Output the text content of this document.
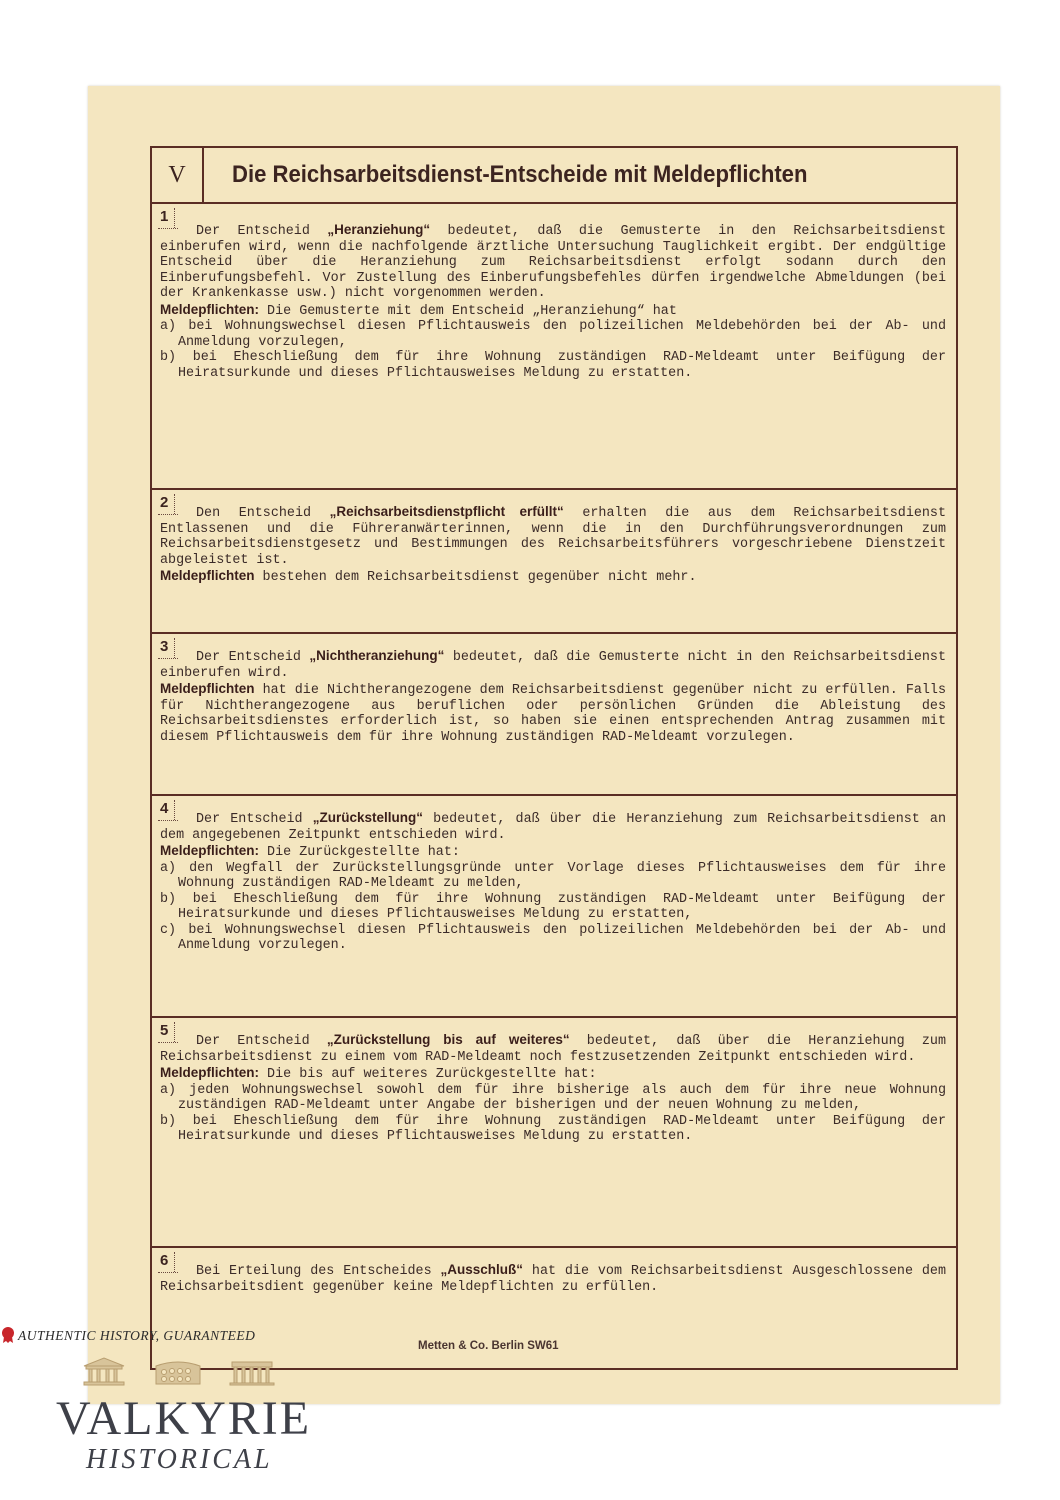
V	Die Reichsarbeitsdienst-Entscheide mit Meldepflichten
1

Der Entscheid „Heranziehung“ bedeutet, daß die Gemusterte in den Reichsarbeitsdienst einberufen wird, wenn die nachfolgende ärztliche Untersuchung Tauglichkeit ergibt. Der endgültige Entscheid über die Heranziehung zum Reichsarbeitsdienst erfolgt sodann durch den Einberufungsbefehl. Vor Zustellung des Einberufungsbefehles dürfen irgendwelche Abmeldungen (bei der Krankenkasse usw.) nicht vorgenommen werden.

Meldepflichten: Die Gemusterte mit dem Entscheid „Heranziehung“ hat

a) bei Wohnungswechsel diesen Pflichtausweis den polizeilichen Meldebehörden bei der Ab- und Anmeldung vorzulegen,

b) bei Eheschließung dem für ihre Wohnung zuständigen RAD-Meldeamt unter Beifügung der Heiratsurkunde und dieses Pflichtausweises Meldung zu erstatten.

2

Den Entscheid „Reichsarbeitsdienstpflicht erfüllt“ erhalten die aus dem Reichsarbeitsdienst Entlassenen und die Führeranwärterinnen, wenn die in den Durchführungsverordnungen zum Reichsarbeitsdienstgesetz und Bestimmungen des Reichsarbeitsführers vorgeschriebene Dienstzeit abgeleistet ist.

Meldepflichten bestehen dem Reichsarbeitsdienst gegenüber nicht mehr.

3

Der Entscheid „Nichtheranziehung“ bedeutet, daß die Gemusterte nicht in den Reichsarbeitsdienst einberufen wird.

Meldepflichten hat die Nichtherangezogene dem Reichsarbeitsdienst gegenüber nicht zu erfüllen. Falls für Nichtherangezogene aus beruflichen oder persönlichen Gründen die Ableistung des Reichsarbeitsdienstes erforderlich ist, so haben sie einen entsprechenden Antrag zusammen mit diesem Pflichtausweis dem für ihre Wohnung zuständigen RAD-Meldeamt vorzulegen.

4

Der Entscheid „Zurückstellung“ bedeutet, daß über die Heranziehung zum Reichsarbeitsdienst an dem angegebenen Zeitpunkt entschieden wird.

Meldepflichten: Die Zurückgestellte hat:

a) den Wegfall der Zurückstellungsgründe unter Vorlage dieses Pflichtausweises dem für ihre Wohnung zuständigen RAD-Meldeamt zu melden,

b) bei Eheschließung dem für ihre Wohnung zuständigen RAD-Meldeamt unter Beifügung der Heiratsurkunde und dieses Pflichtausweises Meldung zu erstatten,

c) bei Wohnungswechsel diesen Pflichtausweis den polizeilichen Meldebehörden bei der Ab- und Anmeldung vorzulegen.

5

Der Entscheid „Zurückstellung bis auf weiteres“ bedeutet, daß über die Heranziehung zum Reichsarbeitsdienst zu einem vom RAD-Meldeamt noch festzusetzenden Zeitpunkt entschieden wird.

Meldepflichten: Die bis auf weiteres Zurückgestellte hat:

a) jeden Wohnungswechsel sowohl dem für ihre bisherige als auch dem für ihre neue Wohnung zuständigen RAD-Meldeamt unter Angabe der bisherigen und der neuen Wohnung zu melden,

b) bei Eheschließung dem für ihre Wohnung zuständigen RAD-Meldeamt unter Beifügung der Heiratsurkunde und dieses Pflichtausweises Meldung zu erstatten.

6

Bei Erteilung des Entscheides „Ausschluß“ hat die vom Reichsarbeitsdienst Ausgeschlossene dem Reichsarbeitsdient gegenüber keine Meldepflichten zu erfüllen.

Metten & Co. Berlin SW61
AUTHENTIC HISTORY, GUARANTEED
VALKYRIE
HISTORICAL
